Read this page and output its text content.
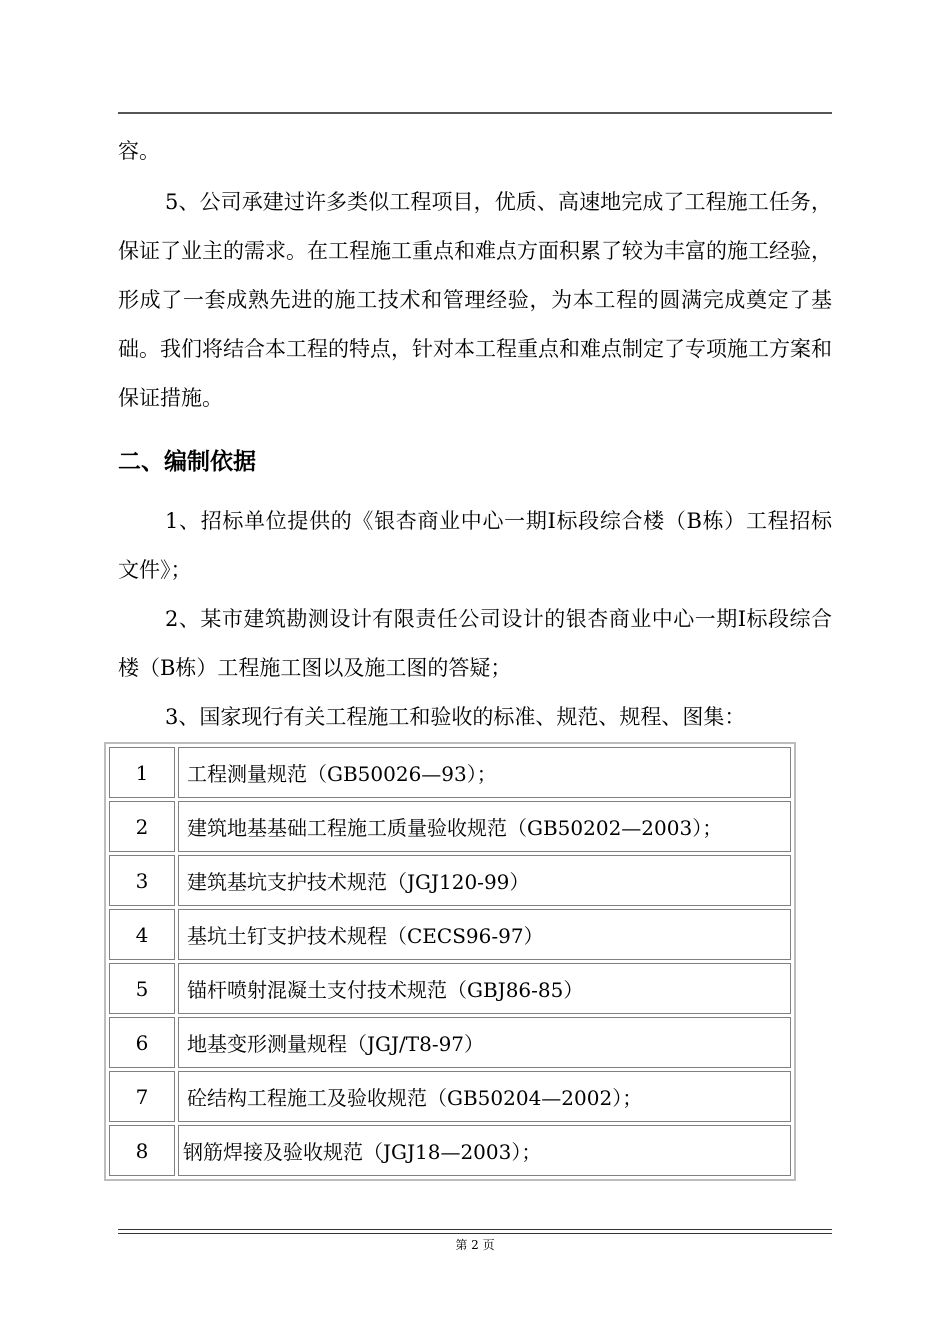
容。

5、公司承建过许多类似工程项目，优质、高速地完成了工程施工任务，保证了业主的需求。在工程施工重点和难点方面积累了较为丰富的施工经验，形成了一套成熟先进的施工技术和管理经验，为本工程的圆满完成奠定了基础。我们将结合本工程的特点，针对本工程重点和难点制定了专项施工方案和保证措施。

二、编制依据

1、招标单位提供的《银杏商业中心一期Ⅰ标段综合楼（B栋）工程招标文件》；

2、某市建筑勘测设计有限责任公司设计的银杏商业中心一期Ⅰ标段综合楼（B栋）工程施工图以及施工图的答疑；

3、国家现行有关工程施工和验收的标准、规范、规程、图集：

1	工程测量规范（GB50026—93）；
2	建筑地基基础工程施工质量验收规范（GB50202—2003）；
3	建筑基坑支护技术规范（JGJ120-99）
4	基坑土钉支护技术规程（CECS96-97）
5	锚杆喷射混凝土支付技术规范（GBJ86-85）
6	地基变形测量规程（JGJ/T8-97）
7	砼结构工程施工及验收规范（GB50204—2002）；
8	钢筋焊接及验收规范（JGJ18—2003）；
第 2 页
